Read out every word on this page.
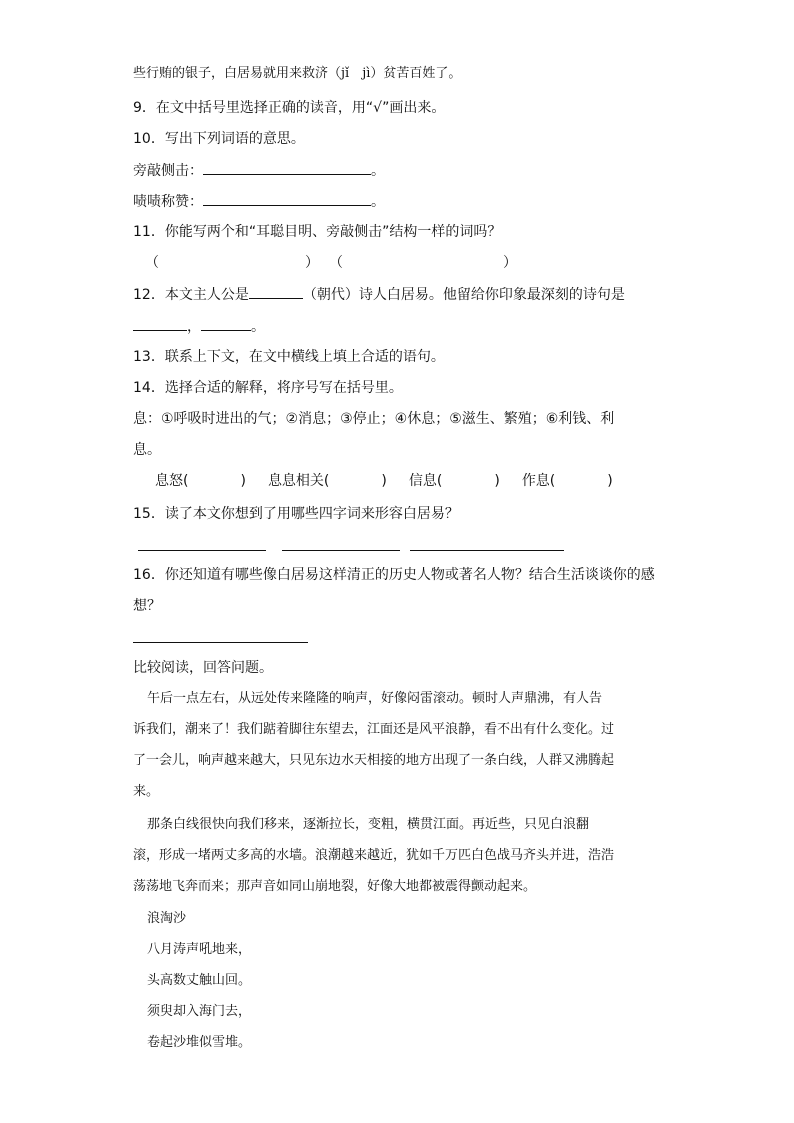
些行贿的银子，白居易就用来救济（jǐ　jì）贫苦百姓了。
9．在文中括号里选择正确的读音，用“√”画出来。
10．写出下列词语的意思。
旁敲侧击：	。
啧啧称赞：	。
11．你能写两个和“耳聪目明、旁敲侧击”结构一样的词吗？
（	） （	）
12．本文主人公是	（朝代）诗人白居易。他留给你印象最深刻的诗句是
，	。
13．联系上下文，在文中横线上填上合适的语句。
14．选择合适的解释，将序号写在括号里。
息：①呼吸时进出的气；②消息；③停止；④休息；⑤滋生、繁殖；⑥利钱、利
息。
息怒(	) 息息相关(	) 信息(	) 作息(	)
15．读了本文你想到了用哪些四字词来形容白居易？
16．你还知道有哪些像白居易这样清正的历史人物或著名人物？结合生活谈谈你的感
想？
比较阅读，回答问题。
午后一点左右，从远处传来隆隆的响声，好像闷雷滚动。顿时人声鼎沸，有人告
诉我们，潮来了！我们踮着脚往东望去，江面还是风平浪静，看不出有什么变化。过
了一会儿，响声越来越大，只见东边水天相接的地方出现了一条白线，人群又沸腾起
来。
那条白线很快向我们移来，逐渐拉长，变粗，横贯江面。再近些，只见白浪翻
滚，形成一堵两丈多高的水墙。浪潮越来越近，犹如千万匹白色战马齐头并进，浩浩
荡荡地飞奔而来；那声音如同山崩地裂，好像大地都被震得颤动起来。
浪淘沙
八月涛声吼地来，
头高数丈触山回。
须臾却入海门去，
卷起沙堆似雪堆。
